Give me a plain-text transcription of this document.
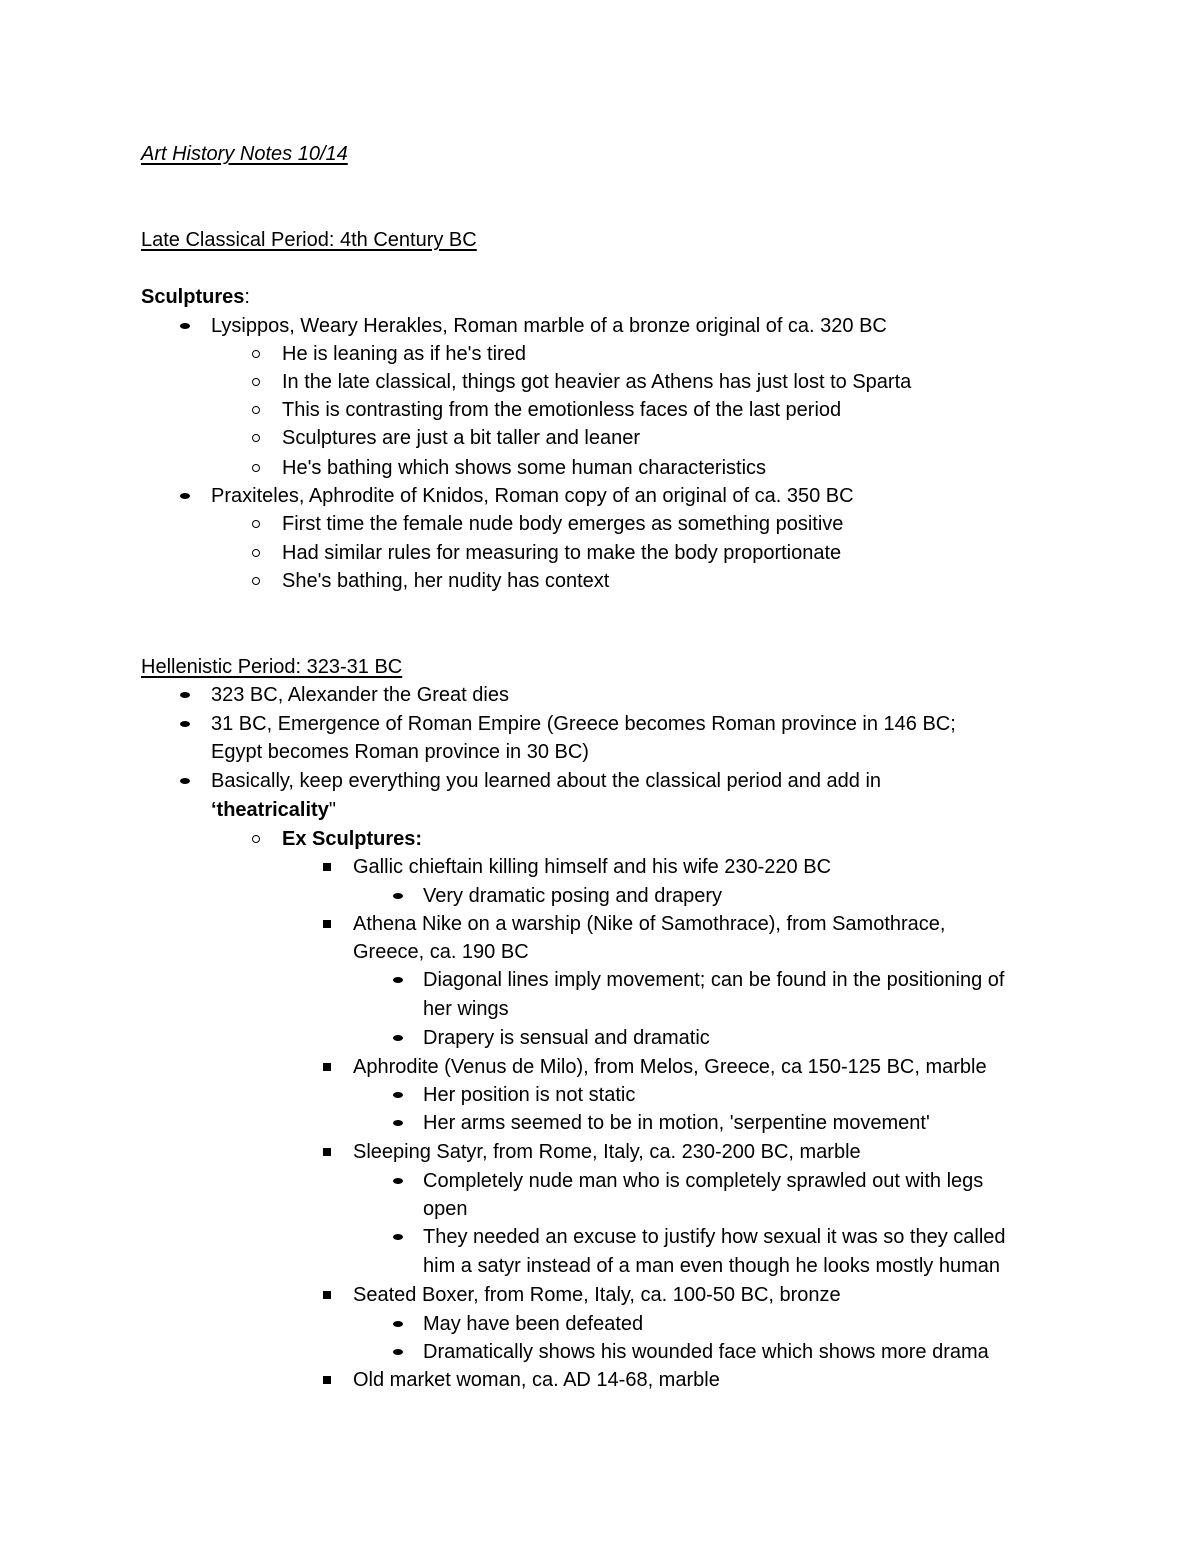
Art History Notes 10/14
Late Classical Period: 4th Century BC
Sculptures:
Lysippos, Weary Herakles, Roman marble of a bronze original of ca. 320 BC
He is leaning as if he's tired
In the late classical, things got heavier as Athens has just lost to Sparta
This is contrasting from the emotionless faces of the last period
Sculptures are just a bit taller and leaner
He's bathing which shows some human characteristics
Praxiteles, Aphrodite of Knidos, Roman copy of an original of ca. 350 BC
First time the female nude body emerges as something positive
Had similar rules for measuring to make the body proportionate
She's bathing, her nudity has context
Hellenistic Period: 323-31 BC
323 BC, Alexander the Great dies
31 BC, Emergence of Roman Empire (Greece becomes Roman province in 146 BC;
Egypt becomes Roman province in 30 BC)
Basically, keep everything you learned about the classical period and add in
‘theatricality"
Ex Sculptures:
Gallic chieftain killing himself and his wife 230-220 BC
Very dramatic posing and drapery
Athena Nike on a warship (Nike of Samothrace), from Samothrace,
Greece, ca. 190 BC
Diagonal lines imply movement; can be found in the positioning of
her wings
Drapery is sensual and dramatic
Aphrodite (Venus de Milo), from Melos, Greece, ca 150-125 BC, marble
Her position is not static
Her arms seemed to be in motion, 'serpentine movement'
Sleeping Satyr, from Rome, Italy, ca. 230-200 BC, marble
Completely nude man who is completely sprawled out with legs
open
They needed an excuse to justify how sexual it was so they called
him a satyr instead of a man even though he looks mostly human
Seated Boxer, from Rome, Italy, ca. 100-50 BC, bronze
May have been defeated
Dramatically shows his wounded face which shows more drama
Old market woman, ca. AD 14-68, marble
